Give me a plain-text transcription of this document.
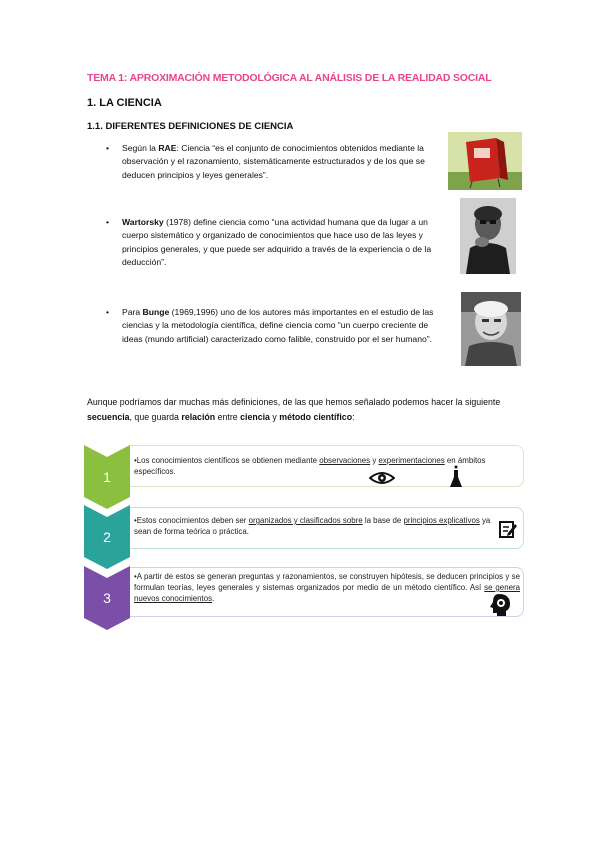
TEMA 1: APROXIMACIÓN METODOLÓGICA AL ANÁLISIS DE LA REALIDAD SOCIAL
1. LA CIENCIA
1.1. DIFERENTES DEFINICIONES DE CIENCIA
• Según la RAE: Ciencia “es el conjunto de conocimientos obtenidos mediante la observación y el razonamiento, sistemáticamente estructurados y de los que se deducen principios y leyes generales”.
• Wartorsky (1978) define ciencia como “una actividad humana que da lugar a un cuerpo sistemático y organizado de conocimientos que hace uso de las leyes y principios generales, y que puede ser adquirido a través de la experiencia o de la deducción”.
• Para Bunge (1969,1996) uno de los autores más importantes en el estudio de las ciencias y la metodología científica, define ciencia como “un cuerpo creciente de ideas (mundo artificial) caracterizado como falible, construido por el ser humano”.
Aunque podríamos dar muchas más definiciones, de las que hemos señalado podemos hacer la siguiente secuencia, que guarda relación entre ciencia y método científico:
1
2
3
•Los conocimientos científicos se obtienen mediante observaciones y experimentaciones en ámbitos específicos.
•Estos conocimientos deben ser organizados y clasificados sobre la base de principios explicativos ya sean de forma teórica o práctica.
•A partir de estos se generan preguntas y razonamientos, se construyen hipótesis, se deducen principios y se formulan teorías, leyes generales y sistemas organizados por medio de un método científico. Así se genera nuevos conocimientos.
